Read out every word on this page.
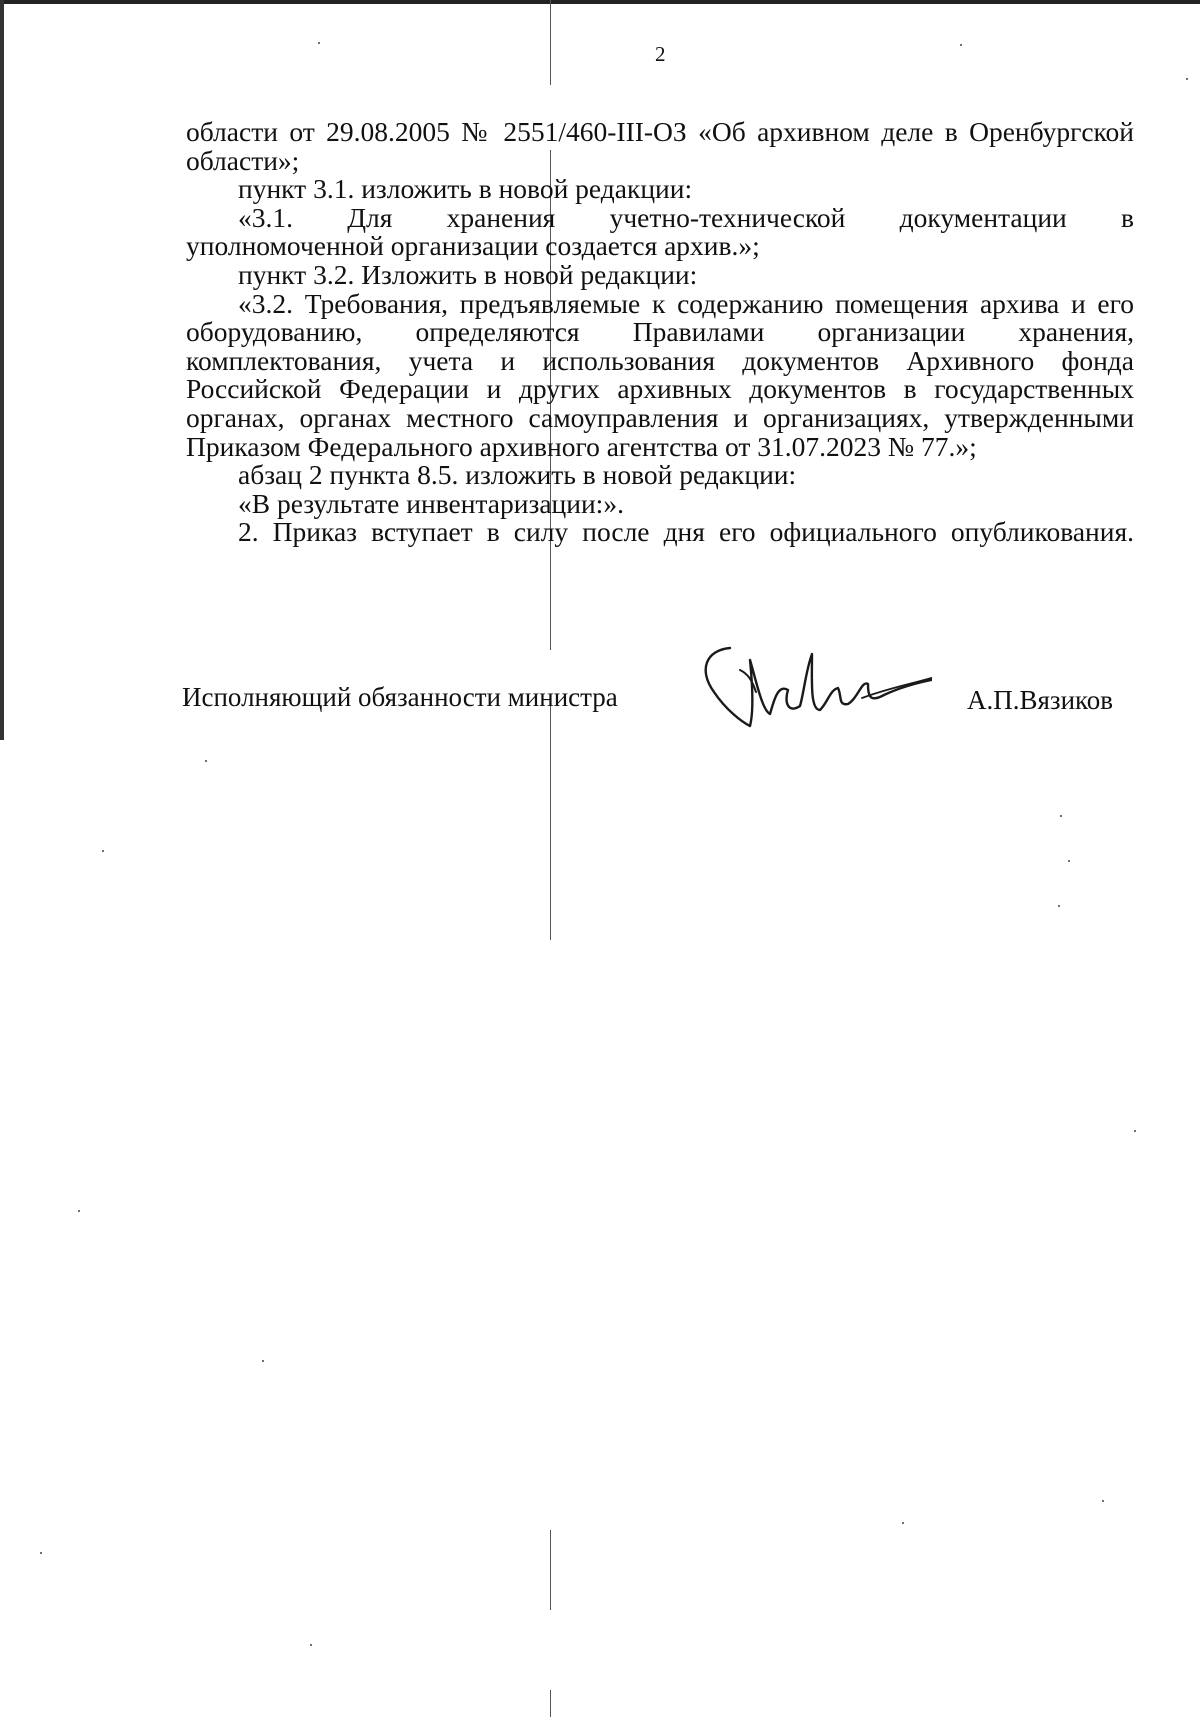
2

области от 29.08.2005 № 2551/460-III-ОЗ «Об архивном деле в Оренбургской

области»;

пункт 3.1. изложить в новой редакции:

«3.1. Для хранения учетно-технической документации в

уполномоченной организации создается архив.»;

пункт 3.2. Изложить в новой редакции:

«3.2. Требования, предъявляемые к содержанию помещения архива и его

оборудованию, определяются Правилами организации хранения,

комплектования, учета и использования документов Архивного фонда

Российской Федерации и других архивных документов в государственных

органах, органах местного самоуправления и организациях, утвержденными

Приказом Федерального архивного агентства от 31.07.2023 № 77.»;

абзац 2 пункта 8.5. изложить в новой редакции:

«В результате инвентаризации:».

2. Приказ вступает в силу после дня его официального опубликования.

Исполняющий обязанности министра	А.П.Вязиков
